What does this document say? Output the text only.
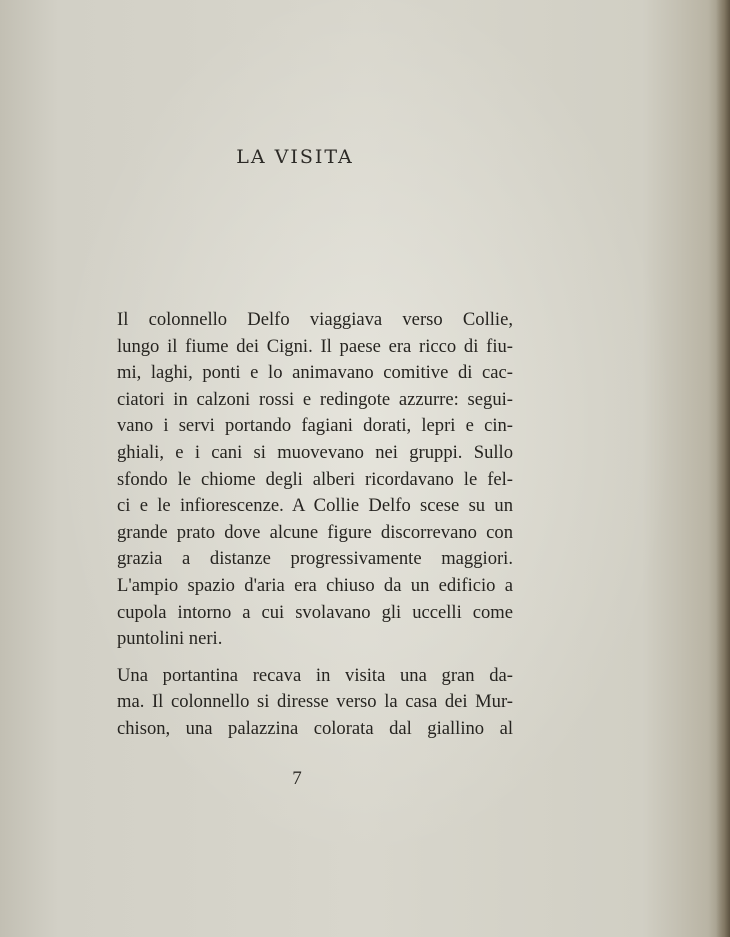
LA VISITA
Il colonnello Delfo viaggiava verso Collie,
lungo il fiume dei Cigni. Il paese era ricco di fiu-
mi, laghi, ponti e lo animavano comitive di cac-
ciatori in calzoni rossi e redingote azzurre: segui-
vano i servi portando fagiani dorati, lepri e cin-
ghiali, e i cani si muovevano nei gruppi. Sullo
sfondo le chiome degli alberi ricordavano le fel-
ci e le infiorescenze. A Collie Delfo scese su un
grande prato dove alcune figure discorrevano con
grazia a distanze progressivamente maggiori.
L'ampio spazio d'aria era chiuso da un edificio a
cupola intorno a cui svolavano gli uccelli come
puntolini neri.
Una portantina recava in visita una gran da-
ma. Il colonnello si diresse verso la casa dei Mur-
chison, una palazzina colorata dal giallino al
7
